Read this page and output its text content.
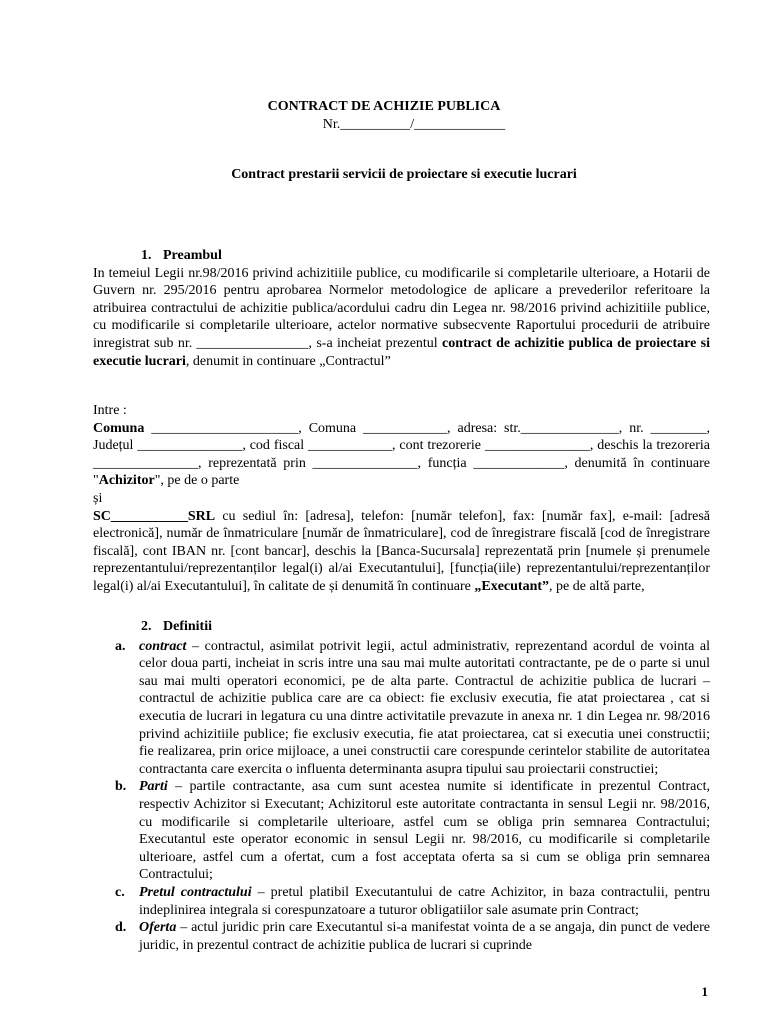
CONTRACT DE ACHIZIE PUBLICA
Nr.__________/_____________
Contract prestarii servicii de proiectare si executie lucrari
1. Preambul

In temeiul Legii nr.98/2016 privind achizitiile publice, cu modificarile si completarile ulterioare, a Hotarii de Guvern nr. 295/2016 pentru aprobarea Normelor metodologice de aplicare a prevederilor referitoare la atribuirea contractului de achizitie publica/acordului cadru din Legea nr. 98/2016 privind achizitiile publice, cu modificarile si completarile ulterioare, actelor normative subsecvente Raportului procedurii de atribuire inregistrat sub nr. ________________, s-a incheiat prezentul contract de achizitie publica de proiectare si executie lucrari, denumit in continuare „Contractul”

Intre :

Comuna _____________________, Comuna ____________, adresa: str.______________, nr. ________, Județul _______________, cod fiscal ____________, cont trezorerie _______________, deschis la trezoreria _______________, reprezentată prin _______________, funcția _____________, denumită în continuare "Achizitor", pe de o parte

și

SC___________SRL cu sediul în: [adresa], telefon: [număr telefon], fax: [număr fax], e-mail: [adresă electronică], număr de înmatriculare [număr de înmatriculare], cod de înregistrare fiscală [cod de înregistrare fiscală], cont IBAN nr. [cont bancar], deschis la [Banca-Sucursala] reprezentată prin [numele și prenumele reprezentantului/reprezentanților legal(i) al/ai Executantului], [funcția(iile) reprezentantului/reprezentanților legal(i) al/ai Executantului], în calitate de și denumită în continuare „Executant”, pe de altă parte,

2. Definitii
a. contract – contractul, asimilat potrivit legii, actul administrativ, reprezentand acordul de vointa al celor doua parti, incheiat in scris intre una sau mai multe autoritati contractante, pe de o parte si unul sau mai multi operatori economici, pe de alta parte. Contractul de achizitie publica de lucrari – contractul de achizitie publica care are ca obiect: fie exclusiv executia, fie atat proiectarea , cat si executia de lucrari in legatura cu una dintre activitatile prevazute in anexa nr. 1 din Legea nr. 98/2016 privind achizitiile publice; fie exclusiv executia, fie atat proiectarea, cat si executia unei constructii; fie realizarea, prin orice mijloace, a unei constructii care corespunde cerintelor stabilite de autoritatea contractanta care exercita o influenta determinanta asupra tipului sau proiectarii constructiei;
b. Parti – partile contractante, asa cum sunt acestea numite si identificate in prezentul Contract, respectiv Achizitor si Executant; Achizitorul este autoritate contractanta in sensul Legii nr. 98/2016, cu modificarile si completarile ulterioare, astfel cum se obliga prin semnarea Contractului; Executantul este operator economic in sensul Legii nr. 98/2016, cu modificarile si completarile ulterioare, astfel cum a ofertat, cum a fost acceptata oferta sa si cum se obliga prin semnarea Contractului;
c. Pretul contractului – pretul platibil Executantului de catre Achizitor, in baza contractulii, pentru indeplinirea integrala si corespunzatoare a tuturor obligatiilor sale asumate prin Contract;
d. Oferta – actul juridic prin care Executantul si-a manifestat vointa de a se angaja, din punct de vedere juridic, in prezentul contract de achizitie publica de lucrari si cuprinde
1
